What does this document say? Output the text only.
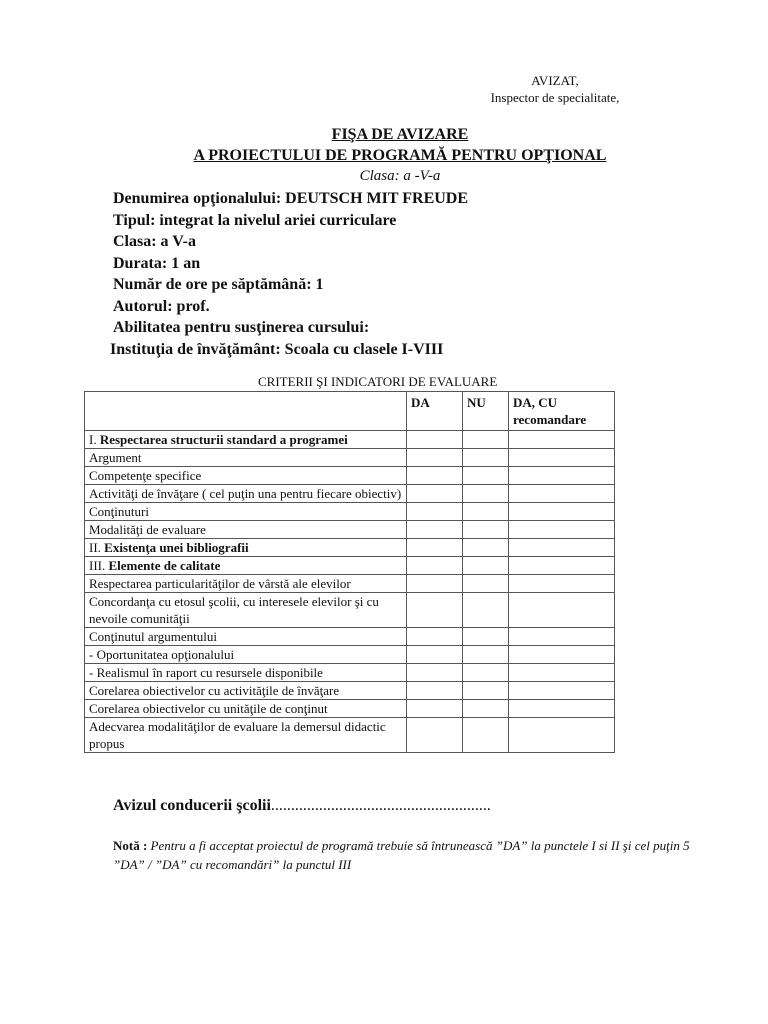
AVIZAT,
Inspector de specialitate,
FIŞA DE AVIZARE
A PROIECTULUI DE PROGRAMĂ PENTRU OPŢIONAL
Clasa: a -V-a
Denumirea opţionalului: DEUTSCH MIT FREUDE
Tipul: integrat la nivelul ariei curriculare
Clasa: a V-a
Durata: 1 an
Număr de ore pe săptămână: 1
Autorul: prof.
Abilitatea pentru susţinerea cursului:
Instituţia de învăţământ: Scoala cu clasele I-VIII
CRITERII ŞI INDICATORI DE EVALUARE
	DA	NU	DA, CU recomandare
I. Respectarea structurii standard a programei			
Argument			
Competenţe specifice			
Activităţi de învăţare ( cel puţin una pentru fiecare obiectiv)			
Conţinuturi			
Modalităţi de evaluare			
II. Existenţa unei bibliografii			
III. Elemente de calitate			
Respectarea particularităţilor de vârstă ale elevilor			
Concordanţa cu etosul şcolii, cu interesele elevilor şi cu nevoile comunităţii			
Conţinutul argumentului			
- Oportunitatea opţionalului			
- Realismul în raport cu resursele disponibile			
Corelarea obiectivelor cu activităţile de învăţare			
Corelarea obiectivelor cu unităţile de conţinut			
Adecvarea modalităţilor de evaluare la demersul didactic propus			
Avizul conducerii şcolii.......................................................
Notă : Pentru a fi acceptat proiectul de programă trebuie să întrunească ”DA” la punctele I si II şi cel puţin 5 ”DA” / ”DA” cu recomandări” la punctul III
